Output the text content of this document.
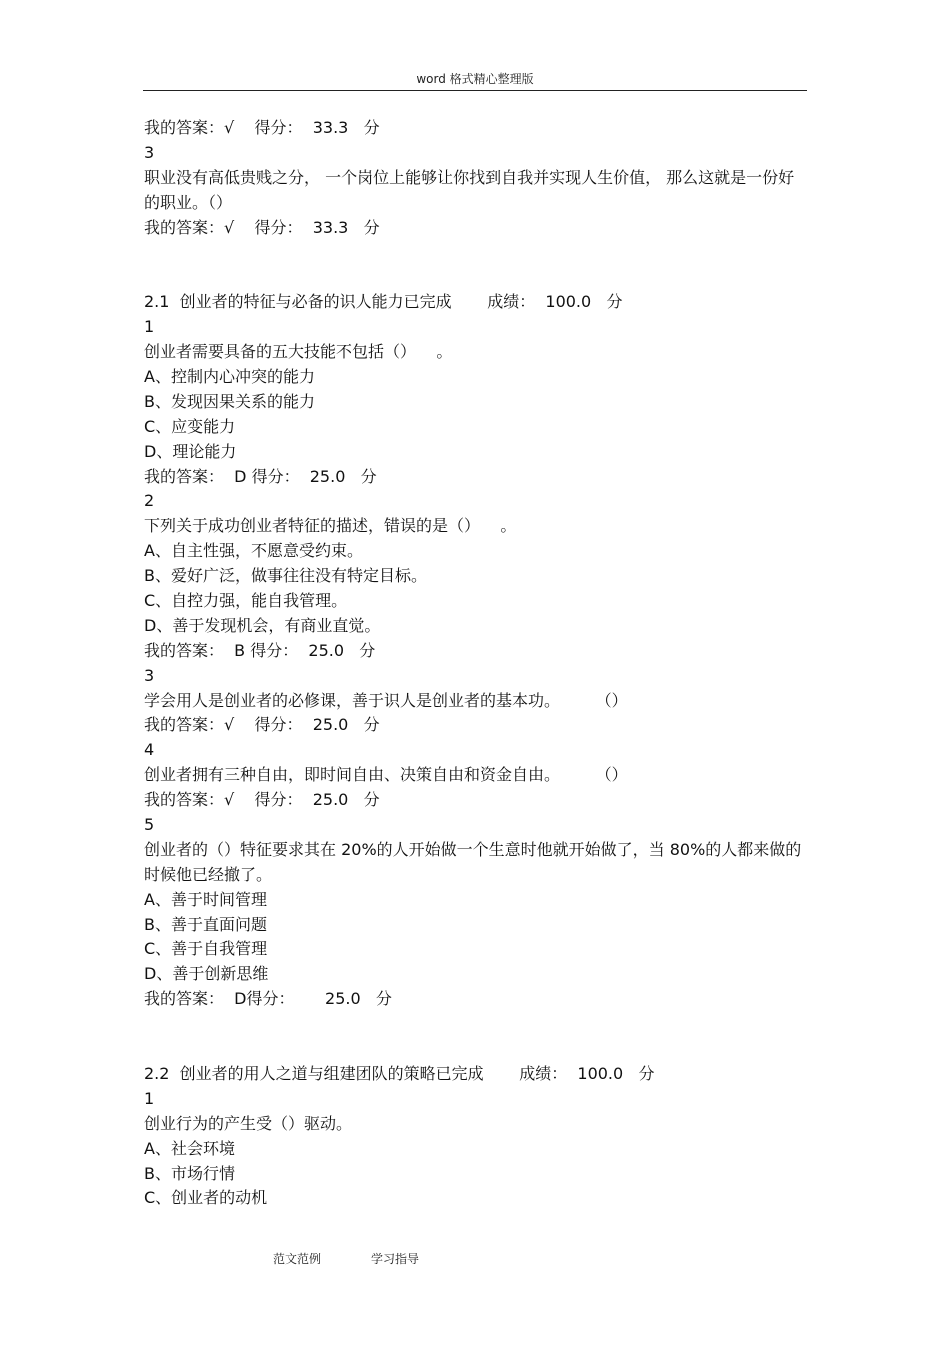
word 格式精心整理版
我的答案：√    得分：  33.3   分
3
职业没有高低贵贱之分， 一个岗位上能够让你找到自我并实现人生价值， 那么这就是一份好的职业。（）
我的答案：√    得分：  33.3   分
2.1  创业者的特征与必备的识人能力已完成       成绩：  100.0   分
1
创业者需要具备的五大技能不包括（）    。
A、控制内心冲突的能力
B、发现因果关系的能力
C、应变能力
D、理论能力
我的答案：  D 得分：  25.0   分
2
下列关于成功创业者特征的描述，错误的是（）    。
A、自主性强，不愿意受约束。
B、爱好广泛，做事往往没有特定目标。
C、自控力强，能自我管理。
D、善于发现机会，有商业直觉。
我的答案：  B 得分：  25.0   分
3
学会用人是创业者的必修课，善于识人是创业者的基本功。       （）
我的答案：√    得分：  25.0   分
4
创业者拥有三种自由，即时间自由、决策自由和资金自由。       （）
我的答案：√    得分：  25.0   分
5
创业者的（）特征要求其在 20%的人开始做一个生意时他就开始做了，当 80%的人都来做的时候他已经撤了。
A、善于时间管理
B、善于直面问题
C、善于自我管理
D、善于创新思维
我的答案：  D得分：      25.0   分
2.2  创业者的用人之道与组建团队的策略已完成       成绩：  100.0   分
1
创业行为的产生受（）驱动。
A、社会环境
B、市场行情
C、创业者的动机
范文范例	学习指导
